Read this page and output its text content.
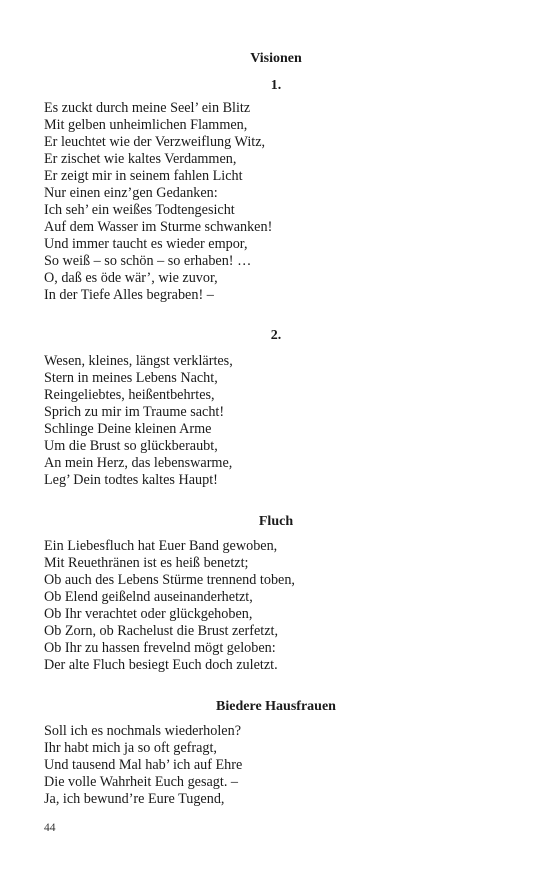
Visionen
1.
Es zuckt durch meine Seel’ ein Blitz
Mit gelben unheimlichen Flammen,
Er leuchtet wie der Verzweiflung Witz,
Er zischet wie kaltes Verdammen,
Er zeigt mir in seinem fahlen Licht
Nur einen einz’gen Gedanken:
Ich seh’ ein weißes Todtengesicht
Auf dem Wasser im Sturme schwanken!
Und immer taucht es wieder empor,
So weiß – so schön – so erhaben! …
O, daß es öde wär’, wie zuvor,
In der Tiefe Alles begraben! –
2.
Wesen, kleines, längst verklärtes,
Stern in meines Lebens Nacht,
Reingeliebtes, heißentbehrtes,
Sprich zu mir im Traume sacht!
Schlinge Deine kleinen Arme
Um die Brust so glückberaubt,
An mein Herz, das lebenswarme,
Leg’ Dein todtes kaltes Haupt!
Fluch
Ein Liebesfluch hat Euer Band gewoben,
Mit Reuethränen ist es heiß benetzt;
Ob auch des Lebens Stürme trennend toben,
Ob Elend geißelnd auseinanderhetzt,
Ob Ihr verachtet oder glückgehoben,
Ob Zorn, ob Rachelust die Brust zerfetzt,
Ob Ihr zu hassen frevelnd mögt geloben:
Der alte Fluch besiegt Euch doch zuletzt.
Biedere Hausfrauen
Soll ich es nochmals wiederholen?
Ihr habt mich ja so oft gefragt,
Und tausend Mal hab’ ich auf Ehre
Die volle Wahrheit Euch gesagt. –
Ja, ich bewund’re Eure Tugend,
44
